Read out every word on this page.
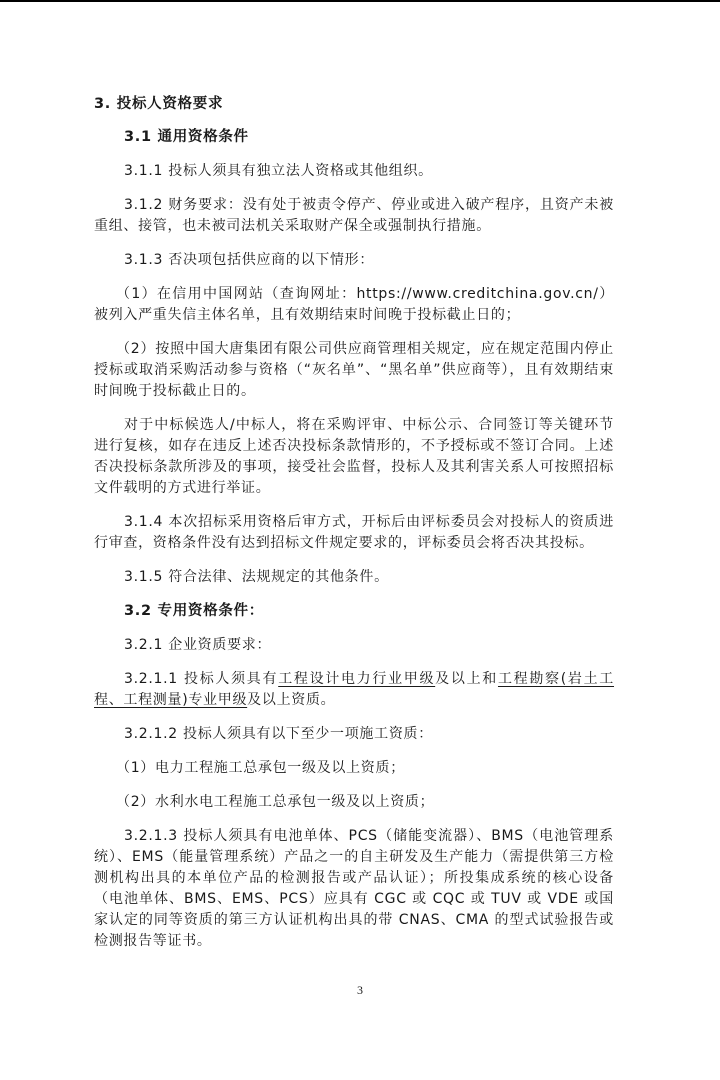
3. 投标人资格要求

3.1 通用资格条件

3.1.1 投标人须具有独立法人资格或其他组织。

3.1.2 财务要求：没有处于被责令停产、停业或进入破产程序，且资产未被重组、接管，也未被司法机关采取财产保全或强制执行措施。

3.1.3 否决项包括供应商的以下情形：

（1）在信用中国网站（查询网址：https://www.creditchina.gov.cn/）被列入严重失信主体名单，且有效期结束时间晚于投标截止日的；

（2）按照中国大唐集团有限公司供应商管理相关规定，应在规定范围内停止授标或取消采购活动参与资格（“灰名单”、“黑名单”供应商等），且有效期结束时间晚于投标截止日的。

对于中标候选人/中标人，将在采购评审、中标公示、合同签订等关键环节进行复核，如存在违反上述否决投标条款情形的，不予授标或不签订合同。上述否决投标条款所涉及的事项，接受社会监督，投标人及其利害关系人可按照招标文件载明的方式进行举证。

3.1.4 本次招标采用资格后审方式，开标后由评标委员会对投标人的资质进行审查，资格条件没有达到招标文件规定要求的，评标委员会将否决其投标。

3.1.5 符合法律、法规规定的其他条件。

3.2 专用资格条件：

3.2.1 企业资质要求：

3.2.1.1 投标人须具有工程设计电力行业甲级及以上和工程勘察(岩土工程、工程测量)专业甲级及以上资质。

3.2.1.2 投标人须具有以下至少一项施工资质：

（1）电力工程施工总承包一级及以上资质；

（2）水利水电工程施工总承包一级及以上资质；

3.2.1.3 投标人须具有电池单体、PCS（储能变流器）、BMS（电池管理系统）、EMS（能量管理系统）产品之一的自主研发及生产能力（需提供第三方检测机构出具的本单位产品的检测报告或产品认证）；所投集成系统的核心设备（电池单体、BMS、EMS、PCS）应具有 CGC 或 CQC 或 TUV 或 VDE 或国家认定的同等资质的第三方认证机构出具的带 CNAS、CMA 的型式试验报告或检测报告等证书。

3
